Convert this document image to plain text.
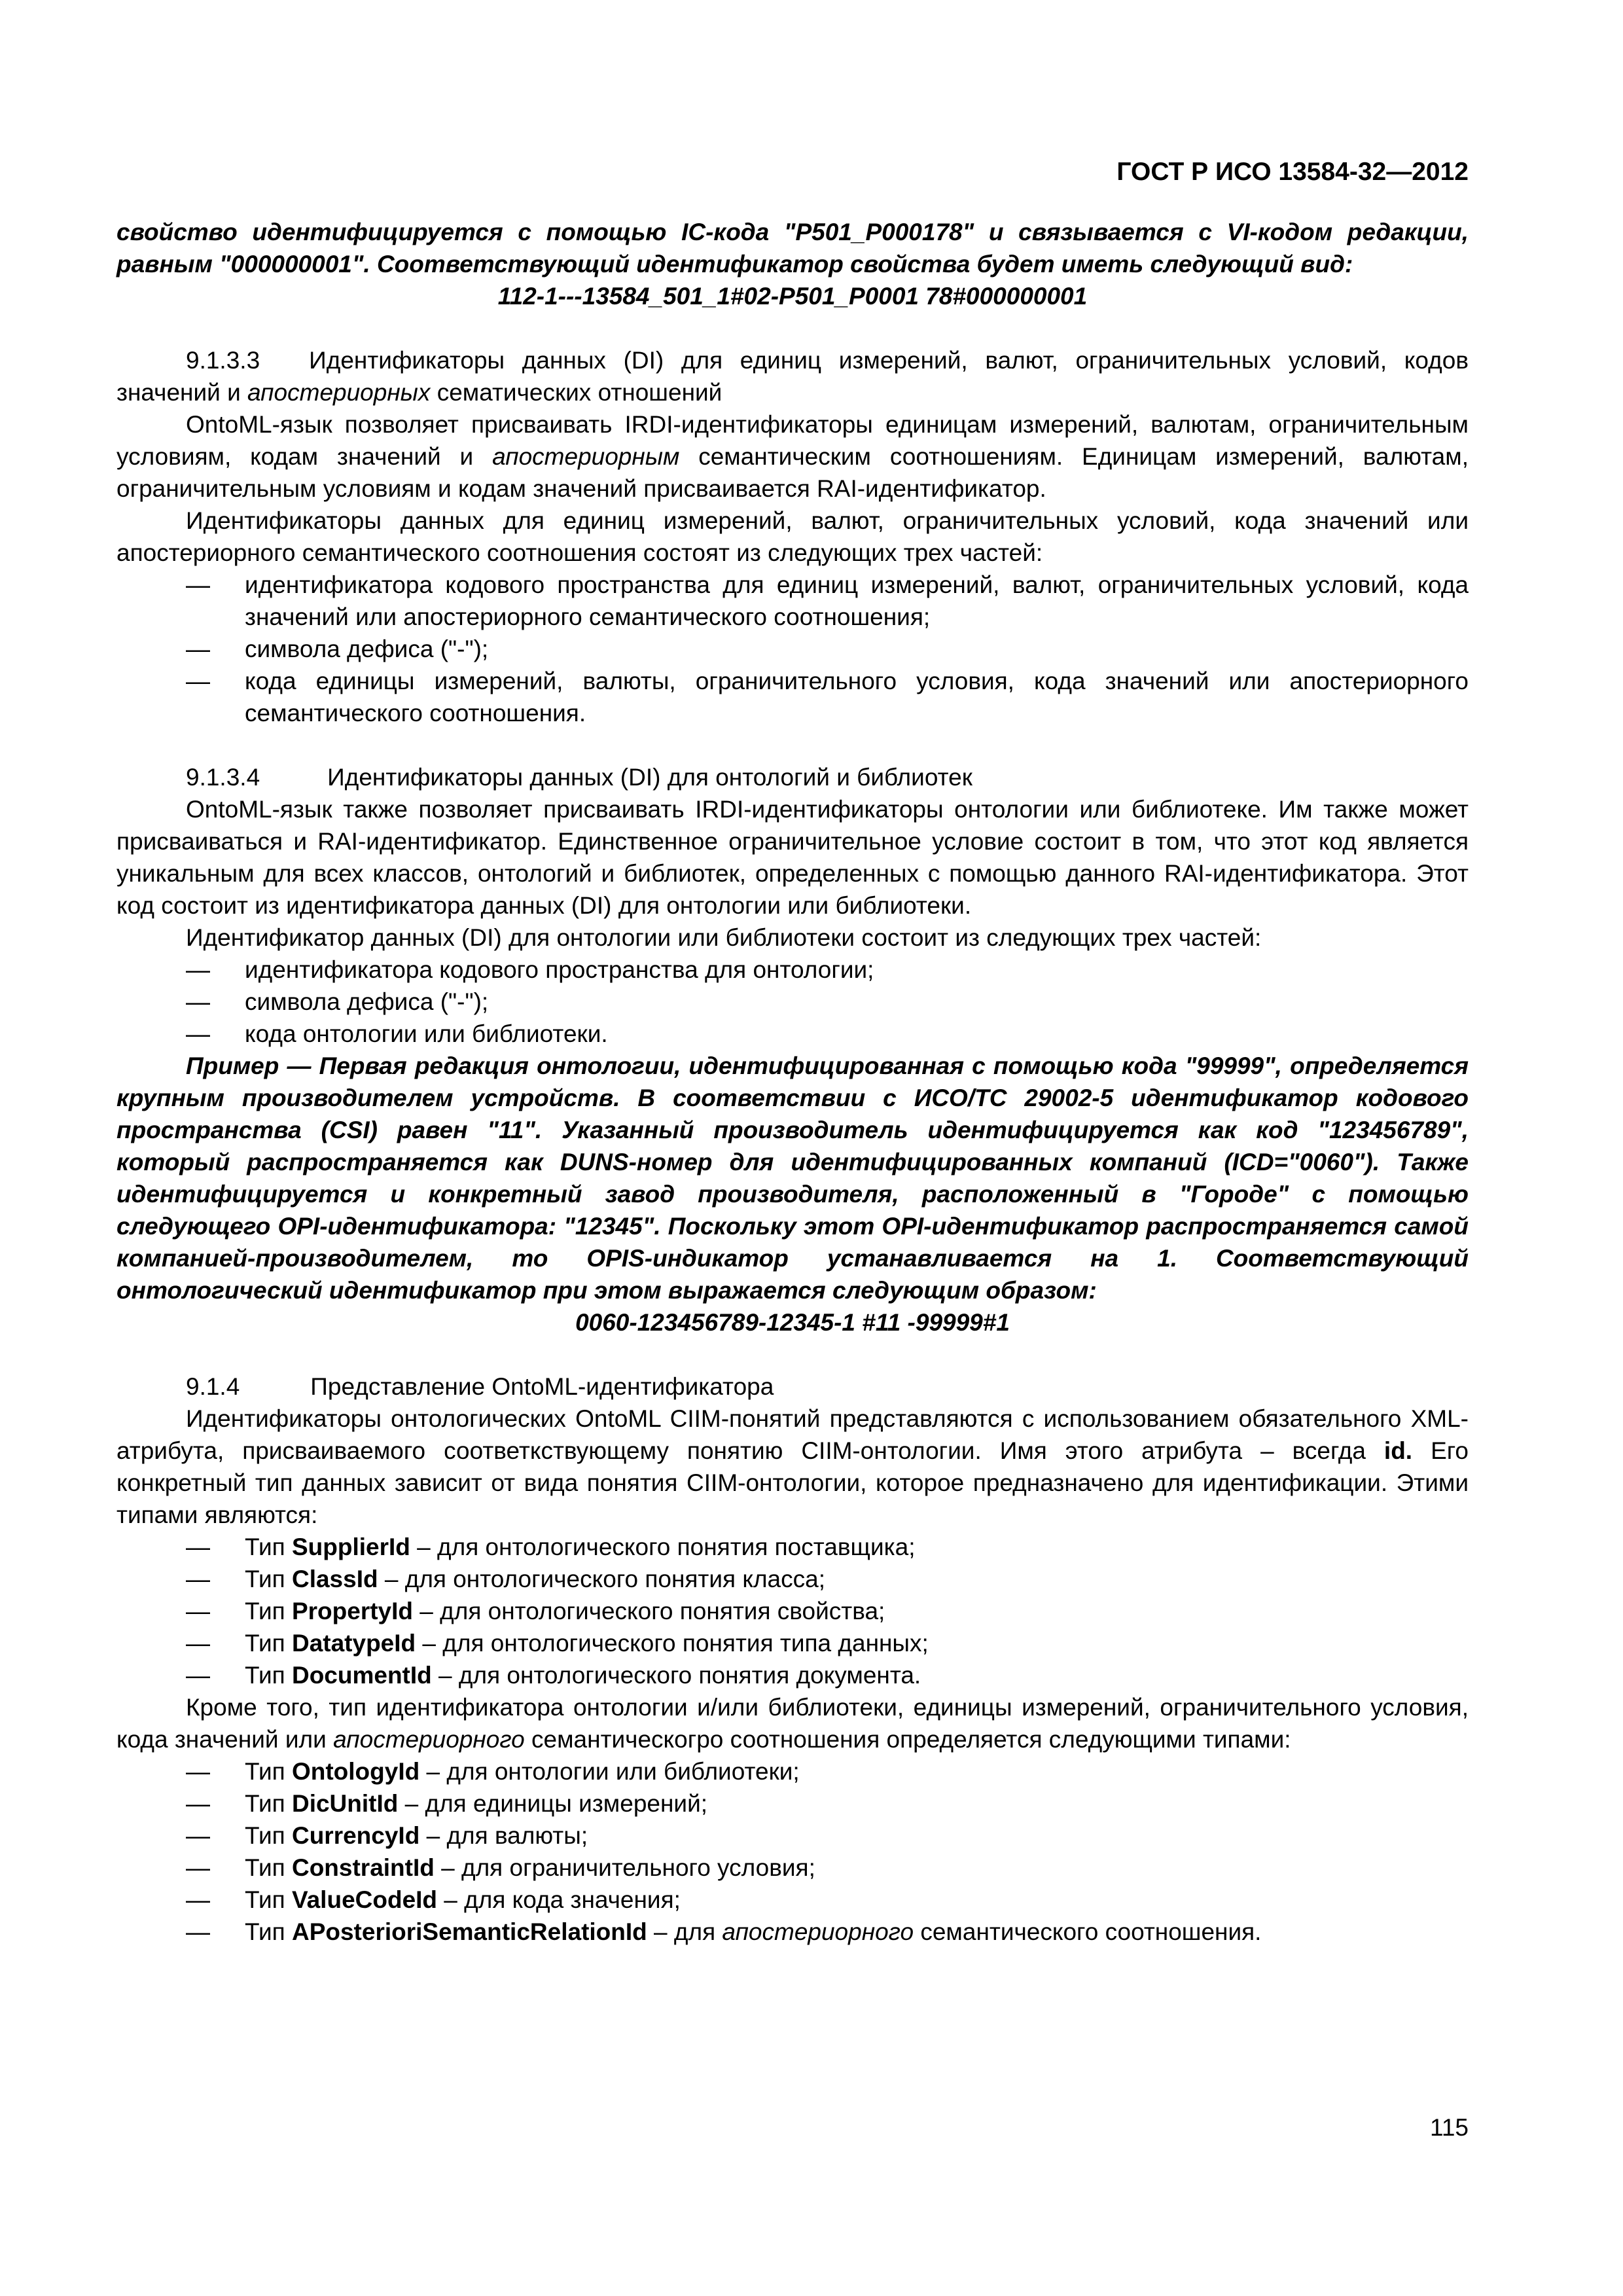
ГОСТ Р ИСО 13584-32—2012

свойство идентифицируется с помощью IC-кода "P501_P000178" и связывается с VI-кодом редакции, равным "000000001". Соответствующий идентификатор свойства будет иметь следующий вид:

112-1---13584_501_1#02-P501_P0001 78#000000001

9.1.3.3 Идентификаторы данных (DI) для единиц измерений, валют, ограничительных условий, кодов значений и апостериорных сематических отношений

OntoML-язык позволяет присваивать IRDI-идентификаторы единицам измерений, валютам, ограничительным условиям, кодам значений и апостериорным семантическим соотношениям. Единицам измерений, валютам, ограничительным условиям и кодам значений присваивается RAI-идентификатор.

Идентификаторы данных для единиц измерений, валют, ограничительных условий, кода значений или апостериорного семантического соотношения состоят из следующих трех частей:

—	идентификатора кодового пространства для единиц измерений, валют, ограничительных условий, кода значений или апостериорного семантического соотношения;
—	символа дефиса ("-");
—	кода единицы измерений, валюты, ограничительного условия, кода значений или апостериорного семантического соотношения.

9.1.3.4	Идентификаторы данных (DI) для онтологий и библиотек

OntoML-язык также позволяет присваивать IRDI-идентификаторы онтологии или библиотеке. Им также может присваиваться и RAI-идентификатор. Единственное ограничительное условие состоит в том, что этот код является уникальным для всех классов, онтологий и библиотек, определенных с помощью данного RAI-идентификатора. Этот код состоит из идентификатора данных (DI) для онтологии или библиотеки.

Идентификатор данных (DI) для онтологии или библиотеки состоит из следующих трех частей:

—	идентификатора кодового пространства для онтологии;
—	символа дефиса ("-");
—	кода онтологии или библиотеки.

Пример — Первая редакция онтологии, идентифицированная с помощью кода "99999", определяется крупным производителем устройств. В соответствии с ИСО/ТС 29002-5 идентификатор кодового пространства (CSI) равен "11". Указанный производитель идентифицируется как код "123456789", который распространяется как DUNS-номер для идентифицированных компаний (ICD="0060"). Также идентифицируется и конкретный завод производителя, расположенный в "Городе" с помощью следующего OPI-идентификатора: "12345". Поскольку этот OPI-идентификатор распространяется самой компанией-производителем, то OPIS-индикатор устанавливается на 1. Соответствующий онтологический идентификатор при этом выражается следующим образом:

0060-123456789-12345-1 #11 -99999#1

9.1.4	Представление OntoML-идентификатора

Идентификаторы онтологических OntoML CIIM-понятий представляются с использованием обязательного XML-атрибута, присваиваемого соответкствующему понятию CIIM-онтологии. Имя этого атрибута – всегда id. Его конкретный тип данных зависит от вида понятия CIIM-онтологии, которое предназначено для идентификации. Этими типами являются:

—	Тип SupplierId – для онтологического понятия поставщика;
—	Тип ClassId – для онтологического понятия класса;
—	Тип PropertyId – для онтологического понятия свойства;
—	Тип DatatypeId – для онтологического понятия типа данных;
—	Тип DocumentId – для онтологического понятия документа.

Кроме того, тип идентификатора онтологии и/или библиотеки, единицы измерений, ограничительного условия, кода значений или апостериорного семантическогро соотношения определяется следующими типами:

—	Тип OntologyId – для онтологии или библиотеки;
—	Тип DicUnitId – для единицы измерений;
—	Тип CurrencyId – для валюты;
—	Тип ConstraintId – для ограничительного условия;
—	Тип ValueCodeId – для кода значения;
—	Тип APosterioriSemanticRelationId – для апостериорного семантического соотношения.
115
